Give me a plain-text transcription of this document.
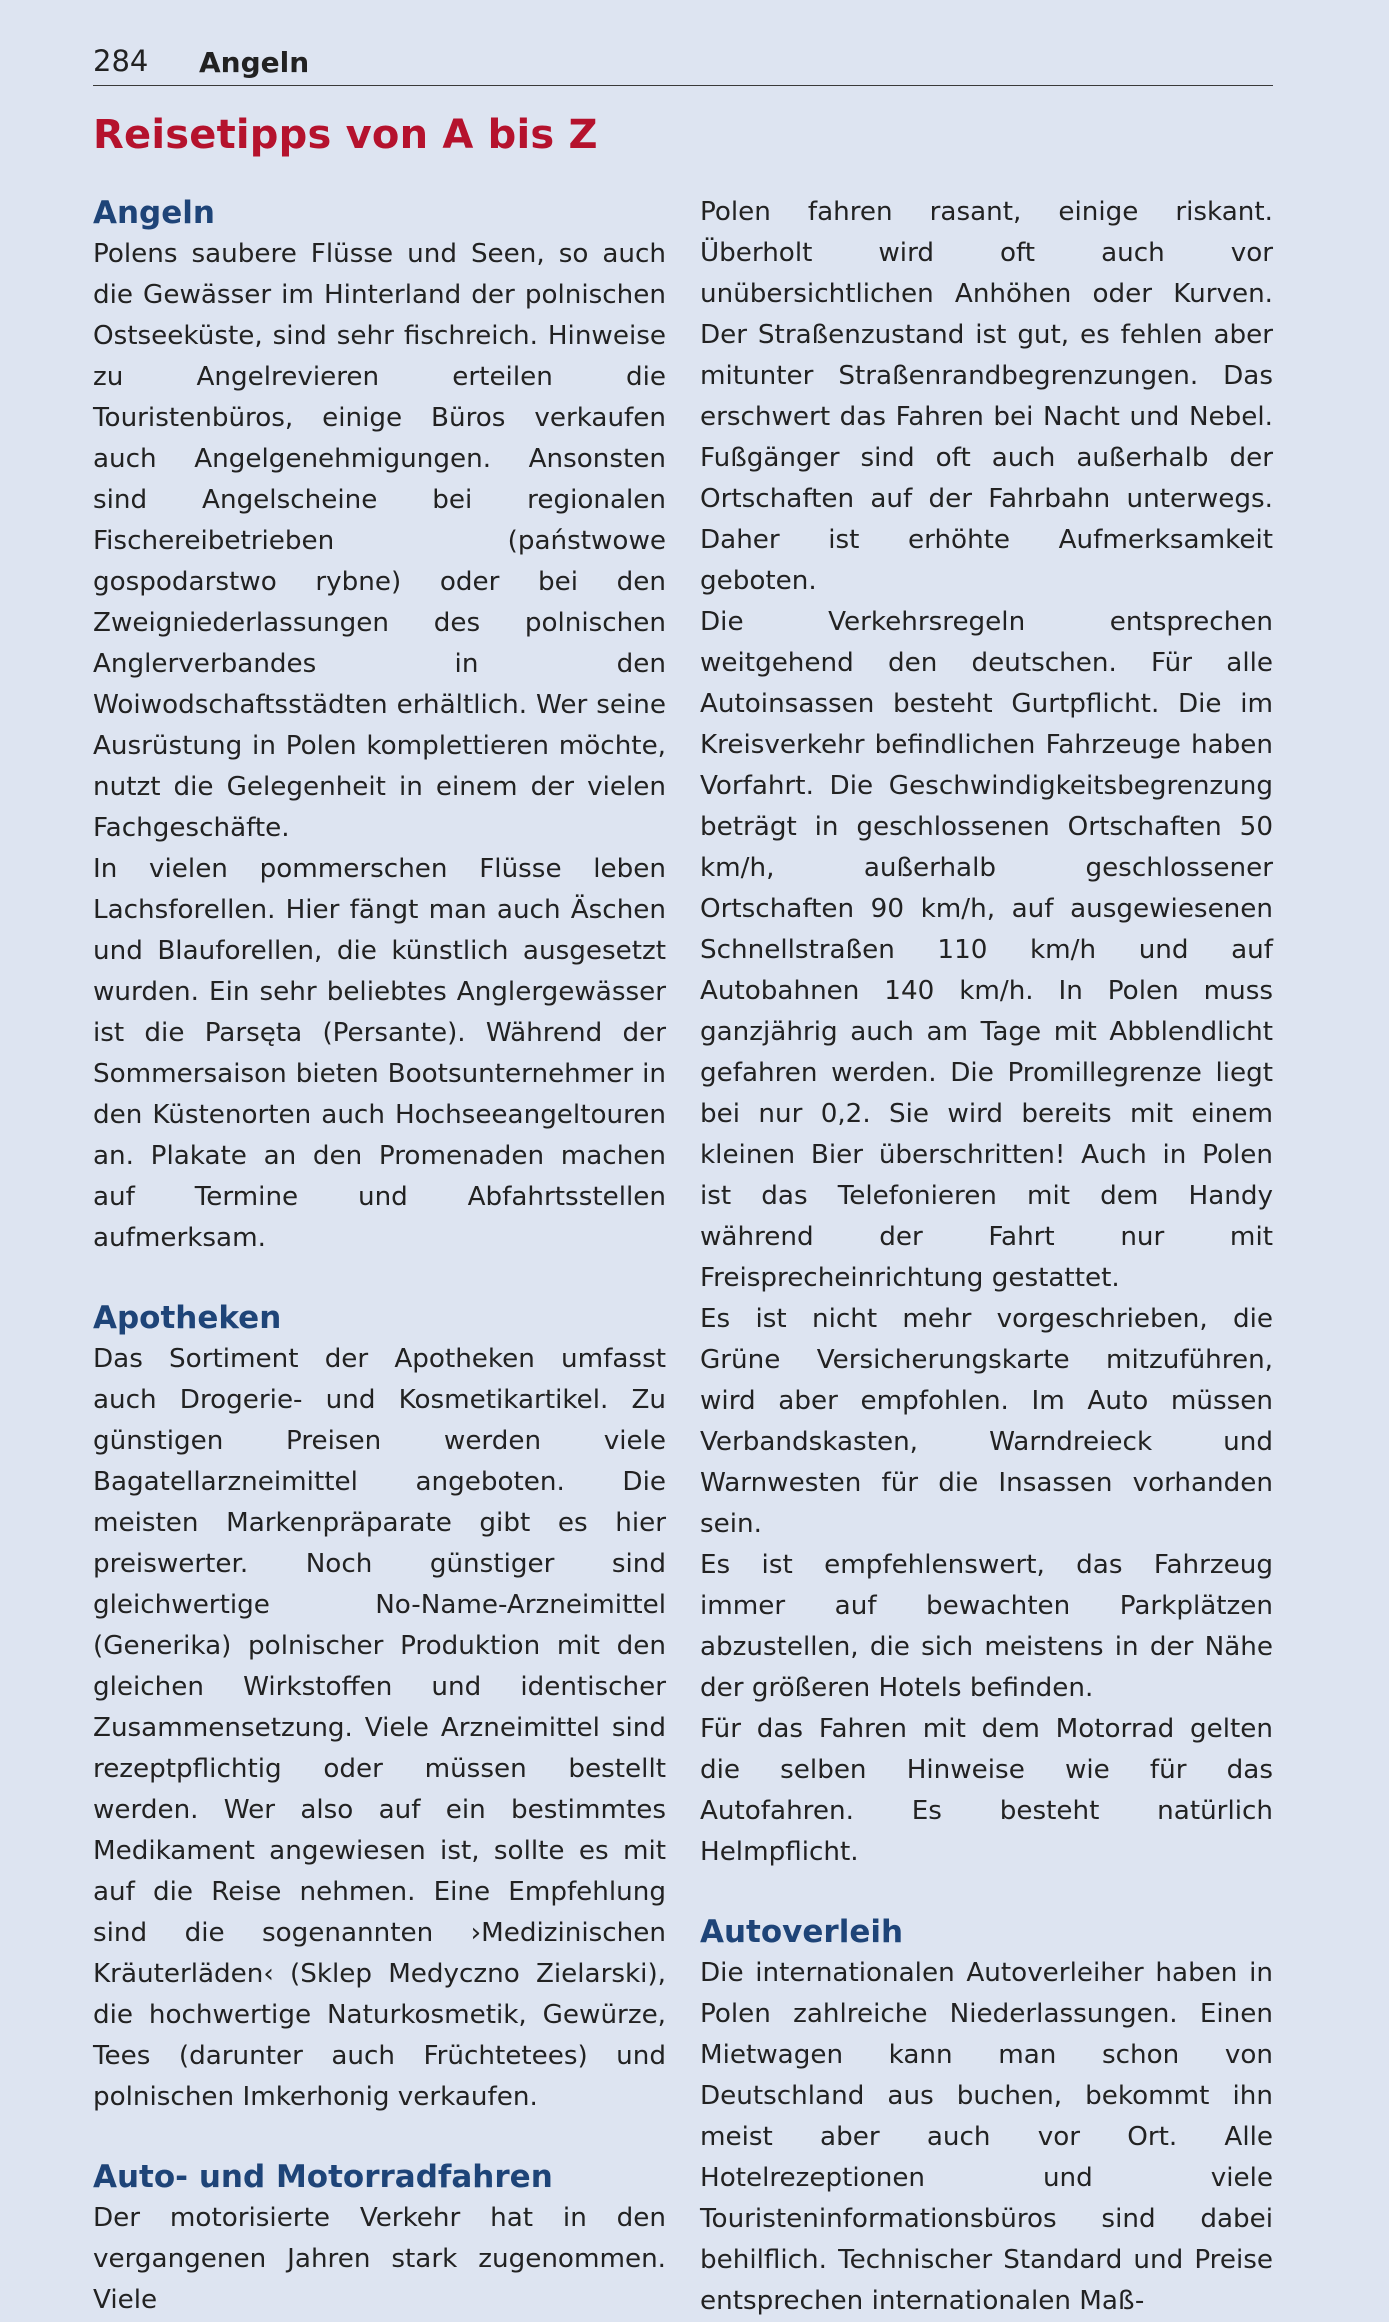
284 Angeln
Reisetipps von A bis Z
Angeln

Polens saubere Flüsse und Seen, so auch die Gewässer im Hinterland der polnischen Ostseeküste, sind sehr fischreich. Hinweise zu Angelrevieren erteilen die Touristenbüros, einige Büros verkaufen auch Angelgenehmigungen. Ansonsten sind Angelscheine bei regionalen Fischereibetrieben (państwowe gospodarstwo rybne) oder bei den Zweigniederlassungen des polnischen Anglerverbandes in den Woiwodschaftsstädten erhältlich. Wer seine Ausrüstung in Polen komplettieren möchte, nutzt die Gelegenheit in einem der vielen Fachgeschäfte.

In vielen pommerschen Flüsse leben Lachsforellen. Hier fängt man auch Äschen und Blauforellen, die künstlich ausgesetzt wurden. Ein sehr beliebtes Anglergewässer ist die Parsęta (Persante). Während der Sommersaison bieten Bootsunternehmer in den Küstenorten auch Hochseeangeltouren an. Plakate an den Promenaden machen auf Termine und Abfahrtsstellen aufmerksam.

Apotheken

Das Sortiment der Apotheken umfasst auch Drogerie- und Kosmetikartikel. Zu günstigen Preisen werden viele Bagatellarzneimittel angeboten. Die meisten Markenpräparate gibt es hier preiswerter. Noch günstiger sind gleichwertige No-Name-Arzneimittel (Generika) polnischer Produktion mit den gleichen Wirkstoffen und identischer Zusammensetzung. Viele Arzneimittel sind rezeptpflichtig oder müssen bestellt werden. Wer also auf ein bestimmtes Medikament angewiesen ist, sollte es mit auf die Reise nehmen. Eine Empfehlung sind die sogenannten ›Medizinischen Kräuterläden‹ (Sklep Medyczno Zielarski), die hochwertige Naturkosmetik, Gewürze, Tees (darunter auch Früchtetees) und polnischen Imkerhonig verkaufen.

Auto- und Motorradfahren

Der motorisierte Verkehr hat in den vergangenen Jahren stark zugenommen. Viele

Polen fahren rasant, einige riskant. Überholt wird oft auch vor unübersichtlichen Anhöhen oder Kurven. Der Straßenzustand ist gut, es fehlen aber mitunter Straßenrandbegrenzungen. Das erschwert das Fahren bei Nacht und Nebel. Fußgänger sind oft auch außerhalb der Ortschaften auf der Fahrbahn unterwegs. Daher ist erhöhte Aufmerksamkeit geboten.

Die Verkehrsregeln entsprechen weitgehend den deutschen. Für alle Autoinsassen besteht Gurtpflicht. Die im Kreisverkehr befindlichen Fahrzeuge haben Vorfahrt. Die Geschwindigkeitsbegrenzung beträgt in geschlossenen Ortschaften 50 km/h, außerhalb geschlossener Ortschaften 90 km/h, auf ausgewiesenen Schnellstraßen 110 km/h und auf Autobahnen 140 km/h. In Polen muss ganzjährig auch am Tage mit Abblendlicht gefahren werden. Die Promillegrenze liegt bei nur 0,2. Sie wird bereits mit einem kleinen Bier überschritten! Auch in Polen ist das Telefonieren mit dem Handy während der Fahrt nur mit Freisprecheinrichtung gestattet.

Es ist nicht mehr vorgeschrieben, die Grüne Versicherungskarte mitzuführen, wird aber empfohlen. Im Auto müssen Verbandskasten, Warndreieck und Warnwesten für die Insassen vorhanden sein.

Es ist empfehlenswert, das Fahrzeug immer auf bewachten Parkplätzen abzustellen, die sich meistens in der Nähe der größeren Hotels befinden.

Für das Fahren mit dem Motorrad gelten die selben Hinweise wie für das Autofahren. Es besteht natürlich Helmpflicht.

Autoverleih

Die internationalen Autoverleiher haben in Polen zahlreiche Niederlassungen. Einen Mietwagen kann man schon von Deutschland aus buchen, bekommt ihn meist aber auch vor Ort. Alle Hotelrezeptionen und viele Touristeninformationsbüros sind dabei behilflich. Technischer Standard und Preise entsprechen internationalen Maß-
